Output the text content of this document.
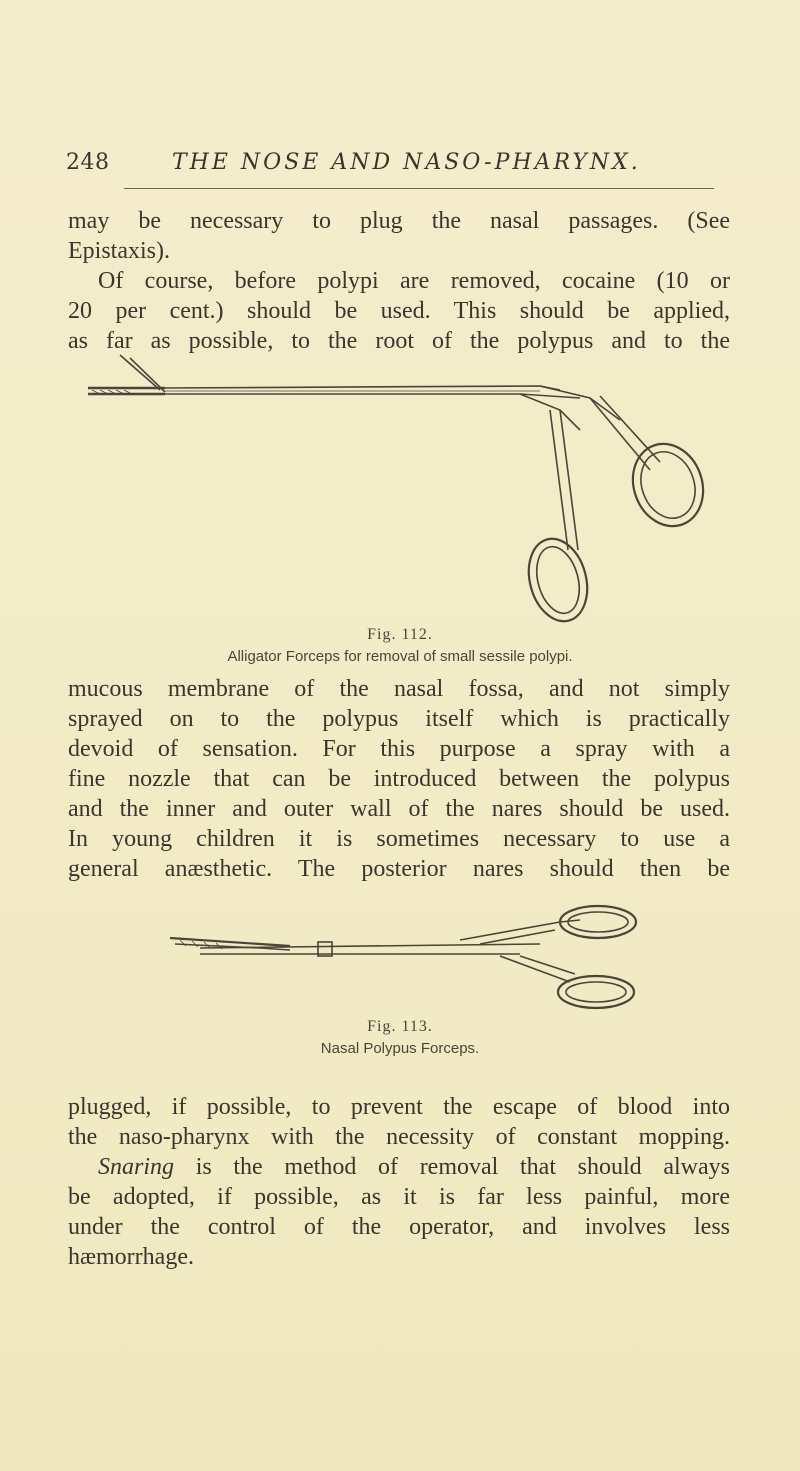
248	THE NOSE AND NASO-PHARYNX.

may be necessary to plug the nasal passages. (See
Epistaxis).

Of course, before polypi are removed, cocaine (10 or
20 per cent.) should be used. This should be applied,
as far as possible, to the root of the polypus and to the

Fig. 112.
Alligator Forceps for removal of small sessile polypi.

mucous membrane of the nasal fossa, and not simply
sprayed on to the polypus itself which is practically
devoid of sensation. For this purpose a spray with a
fine nozzle that can be introduced between the polypus
and the inner and outer wall of the nares should be used.
In young children it is sometimes necessary to use a
general anæsthetic. The posterior nares should then be

Fig. 113.
Nasal Polypus Forceps.

plugged, if possible, to prevent the escape of blood into
the naso-pharynx with the necessity of constant mopping.

Snaring is the method of removal that should always
be adopted, if possible, as it is far less painful, more
under the control of the operator, and involves less
hæmorrhage.
